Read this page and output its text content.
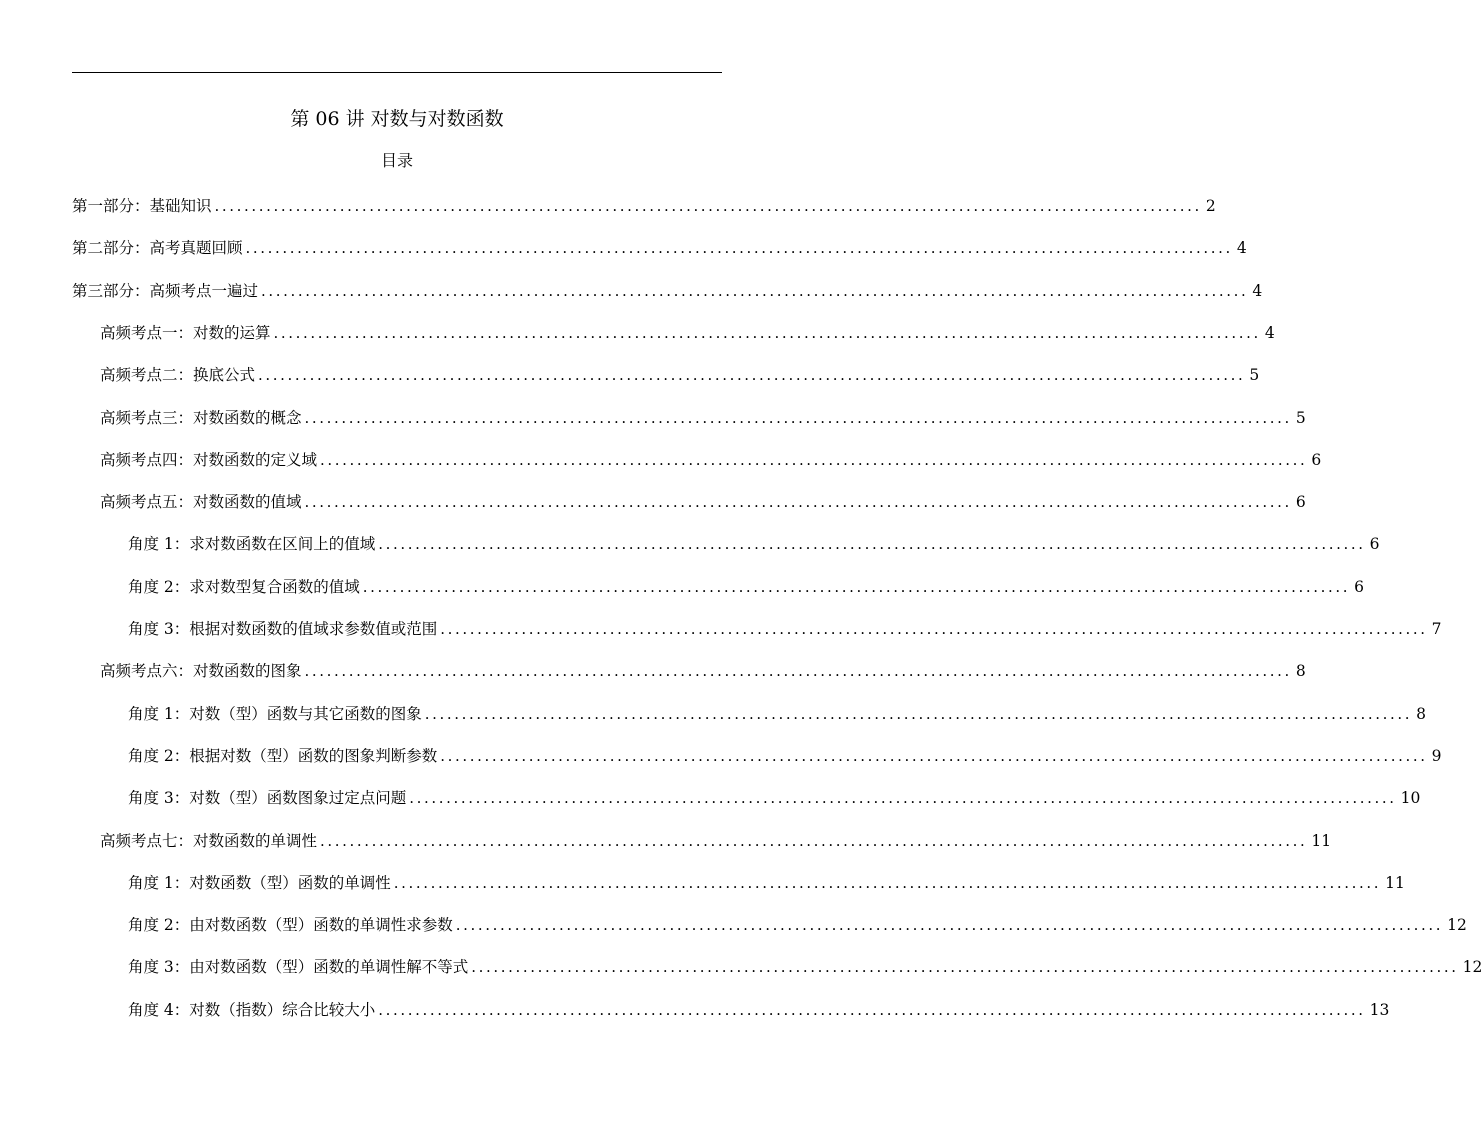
第 06 讲 对数与对数函数
目录
第一部分：基础知识 ...................................................................................................................................... 2
第二部分：高考真题回顾 ...................................................................................................................................... 4
第三部分：高频考点一遍过 ...................................................................................................................................... 4
高频考点一：对数的运算 ...................................................................................................................................... 4
高频考点二：换底公式 ...................................................................................................................................... 5
高频考点三：对数函数的概念 ...................................................................................................................................... 5
高频考点四：对数函数的定义域 ...................................................................................................................................... 6
高频考点五：对数函数的值域 ...................................................................................................................................... 6
角度 1：求对数函数在区间上的值域 ...................................................................................................................................... 6
角度 2：求对数型复合函数的值域 ...................................................................................................................................... 6
角度 3：根据对数函数的值域求参数值或范围 ...................................................................................................................................... 7
高频考点六：对数函数的图象 ...................................................................................................................................... 8
角度 1：对数（型）函数与其它函数的图象 ...................................................................................................................................... 8
角度 2：根据对数（型）函数的图象判断参数 ...................................................................................................................................... 9
角度 3：对数（型）函数图象过定点问题 ...................................................................................................................................... 10
高频考点七：对数函数的单调性 ...................................................................................................................................... 11
角度 1：对数函数（型）函数的单调性 ...................................................................................................................................... 11
角度 2：由对数函数（型）函数的单调性求参数 ...................................................................................................................................... 12
角度 3：由对数函数（型）函数的单调性解不等式 ...................................................................................................................................... 12
角度 4：对数（指数）综合比较大小 ...................................................................................................................................... 13
